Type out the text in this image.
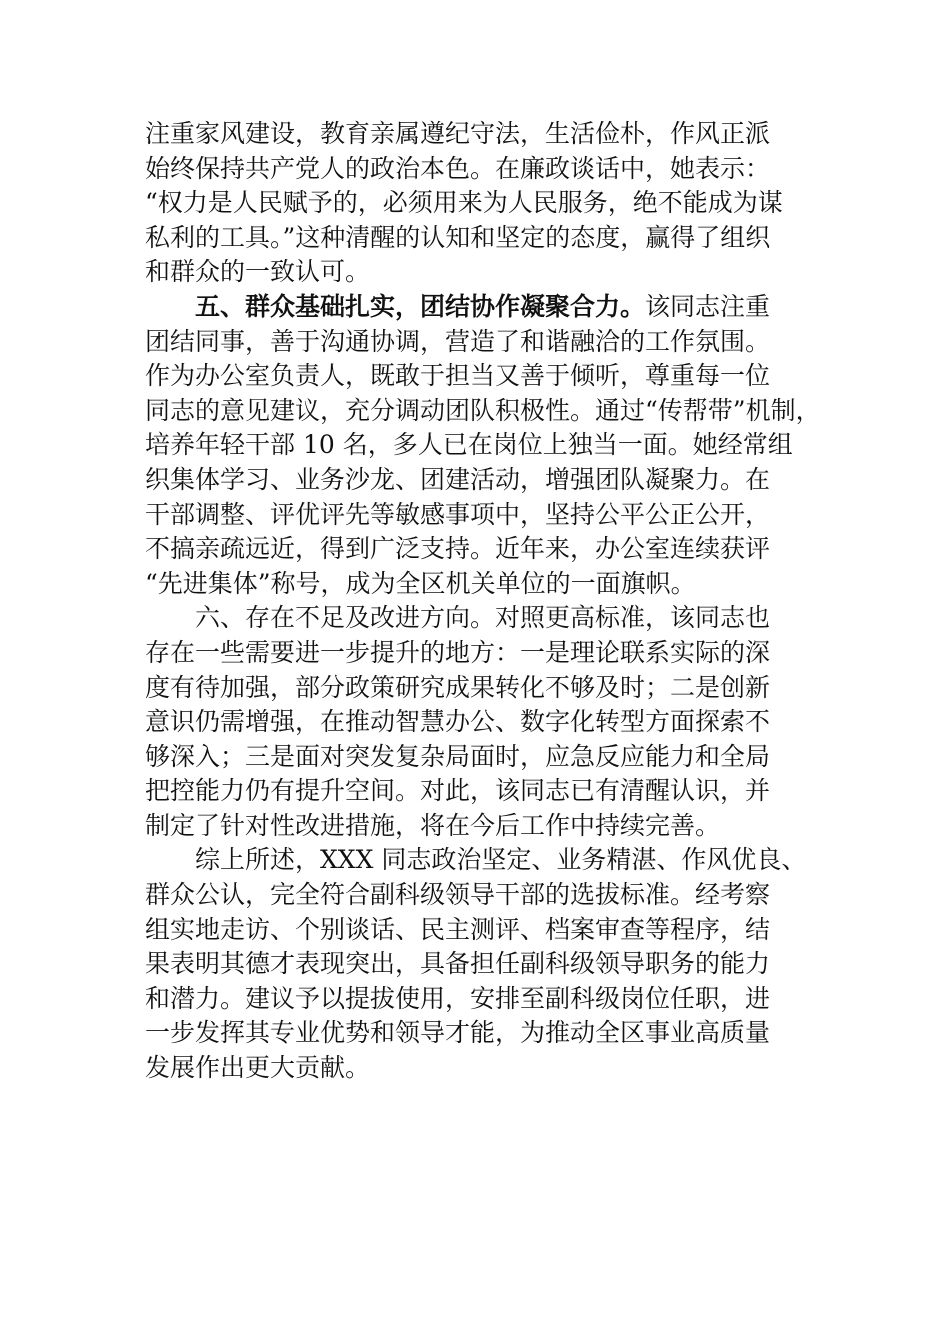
注重家风建设，教育亲属遵纪守法，生活俭朴，作风正派
始终保持共产党人的政治本色。在廉政谈话中，她表示：
“权力是人民赋予的，必须用来为人民服务，绝不能成为谋
私利的工具。”这种清醒的认知和坚定的态度，赢得了组织
和群众的一致认可。
五、群众基础扎实，团结协作凝聚合力。该同志注重
团结同事，善于沟通协调，营造了和谐融洽的工作氛围。
作为办公室负责人，既敢于担当又善于倾听，尊重每一位
同志的意见建议，充分调动团队积极性。通过“传帮带”机制，
培养年轻干部 10 名，多人已在岗位上独当一面。她经常组
织集体学习、业务沙龙、团建活动，增强团队凝聚力。在
干部调整、评优评先等敏感事项中，坚持公平公正公开，
不搞亲疏远近，得到广泛支持。近年来，办公室连续获评
“先进集体”称号，成为全区机关单位的一面旗帜。
六、存在不足及改进方向。对照更高标准，该同志也
存在一些需要进一步提升的地方：一是理论联系实际的深
度有待加强，部分政策研究成果转化不够及时；二是创新
意识仍需增强，在推动智慧办公、数字化转型方面探索不
够深入；三是面对突发复杂局面时，应急反应能力和全局
把控能力仍有提升空间。对此，该同志已有清醒认识，并
制定了针对性改进措施，将在今后工作中持续完善。
综上所述，XXX 同志政治坚定、业务精湛、作风优良、
群众公认，完全符合副科级领导干部的选拔标准。经考察
组实地走访、个别谈话、民主测评、档案审查等程序，结
果表明其德才表现突出，具备担任副科级领导职务的能力
和潜力。建议予以提拔使用，安排至副科级岗位任职，进
一步发挥其专业优势和领导才能，为推动全区事业高质量
发展作出更大贡献。
